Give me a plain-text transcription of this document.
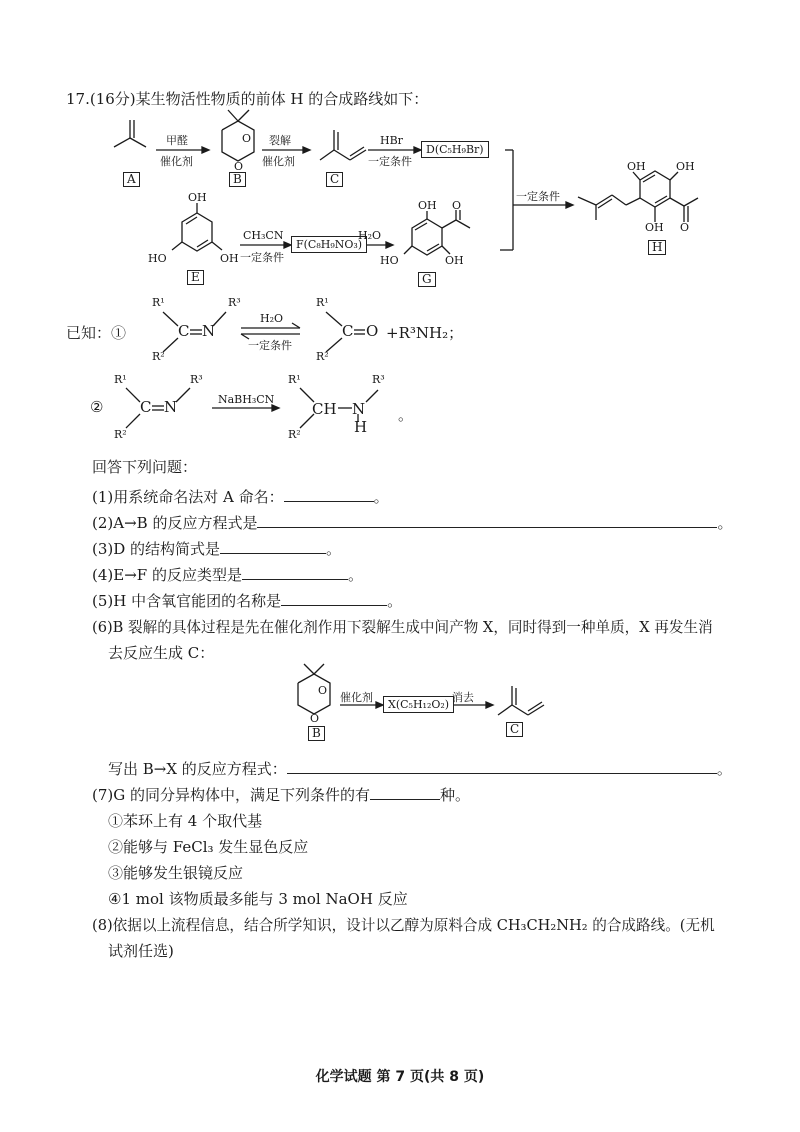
17.(16分)某生物活性物质的前体 H 的合成路线如下：
A
甲醛
催化剂
O
O
B
裂解
催化剂
C
HBr
一定条件
D(C₅H₉Br)
一定条件
OH	OH
OH O
H
OH
HO	OH
E
CH₃CN
一定条件
F(C₈H₉NO₃)
H₂O
OH O
HO	OH
G
已知：①
R¹	R³
C N
R²
H₂O
一定条件
R¹
C O
R²
+R³NH₂；
②
R¹	R³
C N
R²
NaBH₃CN
R¹	R³
CH N
H
R²
。
回答下列问题：
(1)用系统命名法对 A 命名：	。
(2)A→B 的反应方程式是	。
(3)D 的结构简式是	。
(4)E→F 的反应类型是	。
(5)H 中含氧官能团的名称是	。
(6)B 裂解的具体过程是先在催化剂作用下裂解生成中间产物 X，同时得到一种单质，X 再发生消
去反应生成 C：
O
O
B
催化剂
X(C₅H₁₂O₂)
消去
C
写出 B→X 的反应方程式：	。
(7)G 的同分异构体中，满足下列条件的有	种。
①苯环上有 4 个取代基
②能够与 FeCl₃ 发生显色反应
③能够发生银镜反应
④1 mol 该物质最多能与 3 mol NaOH 反应
(8)依据以上流程信息，结合所学知识，设计以乙醇为原料合成 CH₃CH₂NH₂ 的合成路线。(无机
试剂任选)
化学试题 第 7 页(共 8 页)
